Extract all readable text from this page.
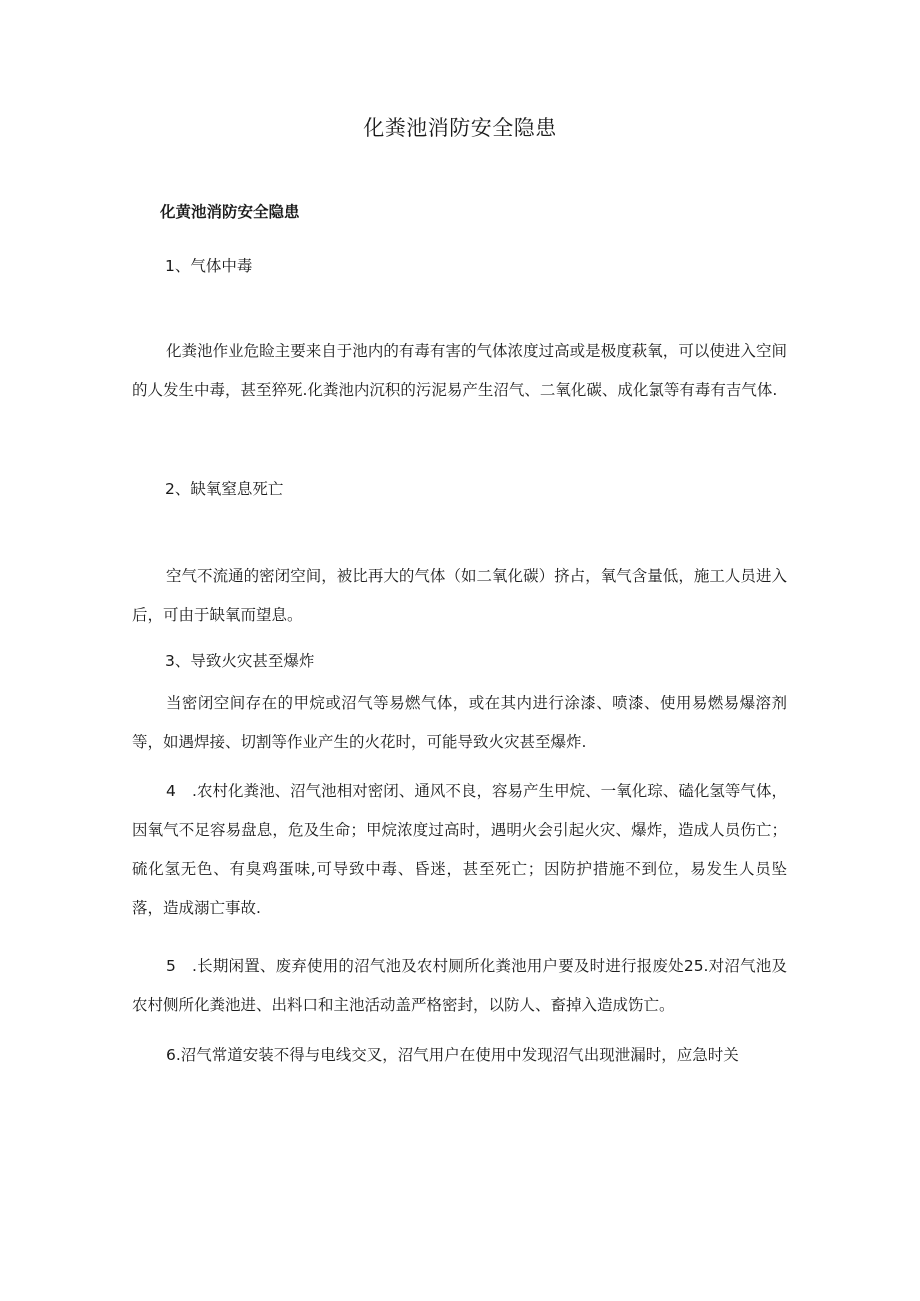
化粪池消防安全隐患
化黄池消防安全隐患

1、气体中毒

化粪池作业危睑主要来自于池内的有毒有害的气体浓度过高或是极度萩氧，可以使进入空间的人发生中毒，甚至猝死.化粪池内沉积的污泥易产生沼气、二氧化碳、成化氯等有毒有吉气体.

2、缺氧窒息死亡

空气不流通的密闭空间，被比再大的气体（如二氧化碳）挤占，氧气含量低，施工人员进入后，可由于缺氧而望息。

3、导致火灾甚至爆炸

当密闭空间存在的甲烷或沼气等易燃气体，或在其内进行涂漆、喷漆、使用易燃易爆溶剂等，如遇焊接、切割等作业产生的火花时，可能导致火灾甚至爆炸.

4 .农村化粪池、沼气池相对密闭、通风不良，容易产生甲烷、一氧化琮、磕化氢等气体，因氧气不足容易盘息，危及生命；甲烷浓度过高时，遇明火会引起火灾、爆炸，造成人员伤亡；硫化氢无色、有臭鸡蛋味,可导致中毒、昏迷，甚至死亡；因防护措施不到位，易发生人员坠落，造成溺亡事故.

5 .长期闲置、废弃使用的沼气池及农村厕所化粪池用户要及时进行报废处25.对沼气池及农村侧所化粪池进、出料口和主池活动盖严格密封，以防人、畜掉入造成饬亡。

6.沼气常道安装不得与电线交叉，沼气用户在使用中发现沼气出现泄漏时，应急时关
